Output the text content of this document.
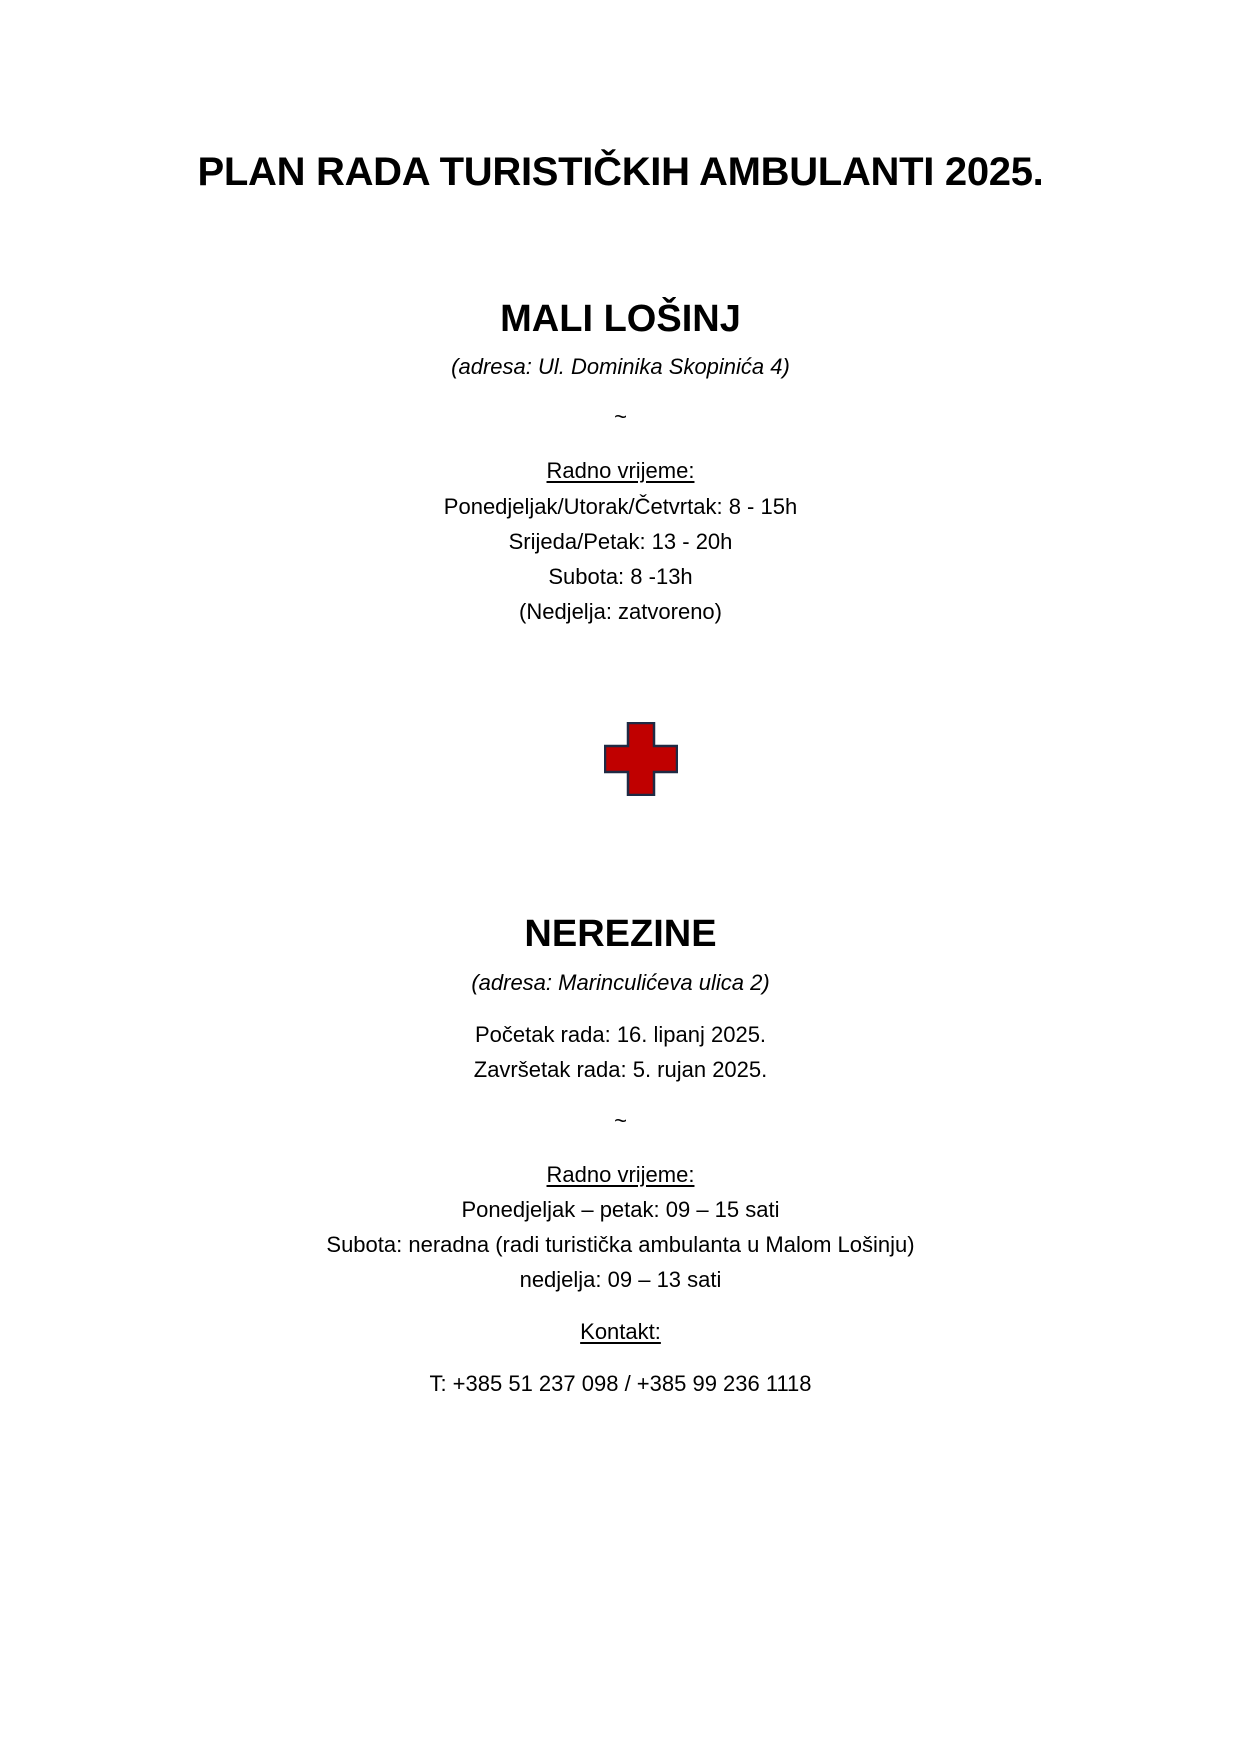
PLAN RADA TURISTIČKIH AMBULANTI 2025.
MALI LOŠINJ
(adresa: Ul. Dominika Skopinića 4)
~
Radno vrijeme:
Ponedjeljak/Utorak/Četvrtak: 8 - 15h
Srijeda/Petak: 13 - 20h
Subota: 8 -13h
(Nedjelja: zatvoreno)
NEREZINE
(adresa: Marinculićeva ulica 2)
Početak rada: 16. lipanj 2025.
Završetak rada: 5. rujan 2025.
~
Radno vrijeme:
Ponedjeljak – petak: 09 – 15 sati
Subota: neradna (radi turistička ambulanta u Malom Lošinju)
nedjelja: 09 – 13 sati
Kontakt:
T: +385 51 237 098 / +385 99 236 1118
